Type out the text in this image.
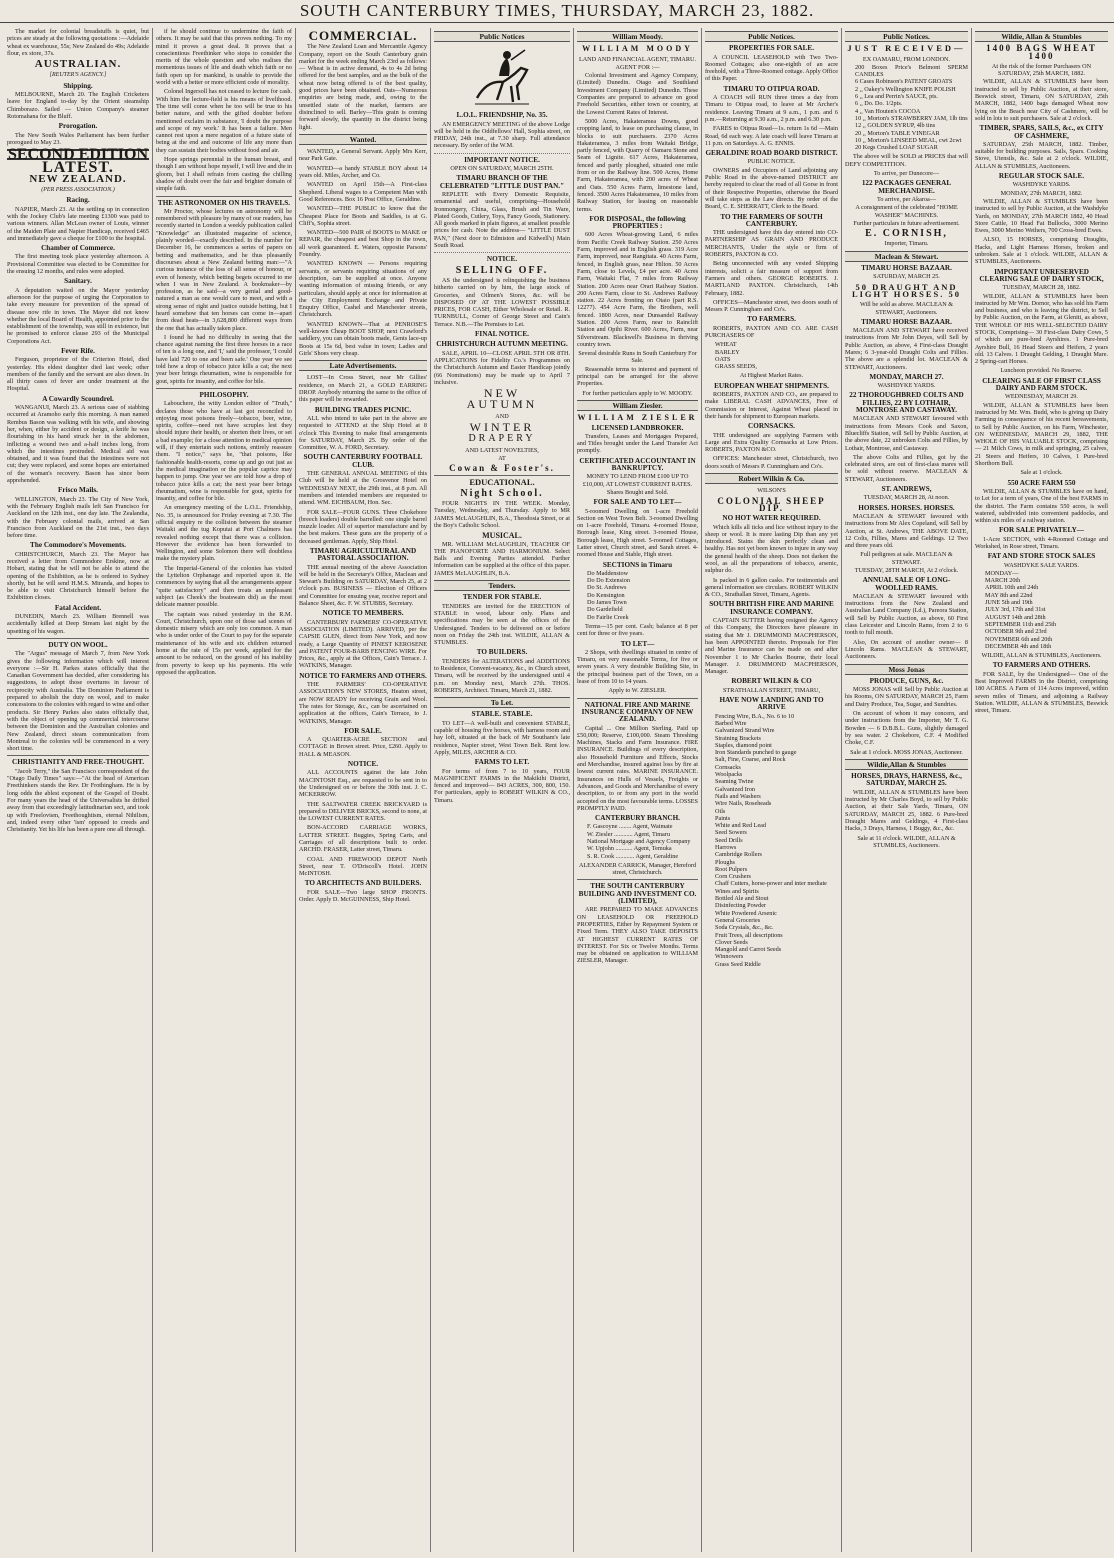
SOUTH CANTERBURY TIMES, THURSDAY, MARCH 23, 1882.

The market for colonial breadstuffs is quiet, but prices are steady at the following quotations :—Adelaide wheat ex warehouse, 55s; New Zealand do 49s; Adelaide flour, ex store, 37s.

AUSTRALIAN.
[REUTER'S AGENCY.]
Shipping.

MELBOURNE, March 20. The English Cricketers leave for England to-day by the Orient steamship Chimborazo. Sailed — Union Company's steamer Rotomahana for the Bluff.

Prorogation.

The New South Wales Parliament has been further prorogued to May 23.

SECOND EDITION
LATEST.
NEW ZEALAND.
(PER PRESS ASSOCIATION.)
Racing.

NAPIER, March 23. At the settling up in connection with the Jockey Club's late meeting £1300 was paid to various winners. Allan McLean owner of Louis, winner of the Maiden Plate and Napier Handicap, received £465 and immediately gave a cheque for £100 to the hospital.

Chamber of Commerce.

The first meeting took place yesterday afternoon. A Provisional Committee was elected to be Committee for the ensuing 12 months, and rules were adopted.

Sanitary.

A deputation waited on the Mayor yesterday afternoon for the purpose of urging the Corporation to take every measure for prevention of the spread of disease now rife in town. The Mayor did not know whether the local Board of Health, appointed prior to the establishment of the township, was still in existence, but he promised to enforce clause 293 of the Municipal Corporations Act.

Fever Rife.

Ferguson, proprietor of the Criterion Hotel, died yesterday. His eldest daughter died last week; other members of the family and the servant are also down. In all thirty cases of fever are under treatment at the Hospital.

A Cowardly Scoundrel.

WANGANUI, March 23. A serious case of stabbing occurred at Aramoho early this morning. A man named Rembus Bason was walking with his wife, and showing her, when, either by accident or design, a knife he was flourishing in his hand struck her in the abdomen, inflicting a wound two and a-half inches long, from which the intestines protruded. Medical aid was obtained, and it was found that the intestines were not cut; they were replaced, and some hopes are entertained of the woman's recovery. Bason has since been apprehended.

Frisco Mails.

WELLINGTON, March 23. The City of New York, with the February English mails left San Francisco for Auckland on the 12th inst., one day late. The Zealandia, with the February colonial mails, arrived at San Francisco from Auckland on the 21st inst., two days before time.

The Commodore's Movements.

CHRISTCHURCH, March 23. The Mayor has received a letter from Commodore Erskine, now at Hobart, stating that he will not be able to attend the opening of the Exhibition, as he is ordered to Sydney shortly, but he will send H.M.S. Miranda, and hopes to be able to visit Christchurch himself before the Exhibition closes.

Fatal Accident.

DUNEDIN, March 23. William Brennell was accidentally killed at Deep Stream last night by the upsetting of his wagon.

DUTY ON WOOL.

The "Argus" message of March 7, from New York gives the following information which will interest everyone :—Sir H. Parkes states officially that the Canadian Government has decided, after considering his suggestions, to adopt those overtures in favour of reciprocity with Australia. The Dominion Parliament is prepared to abolish the duty on wool, and to make concessions to the colonies with regard to wine and other products. Sir Henry Parkes also states officially that, with the object of opening up commercial intercourse between the Dominion and the Australian colonies and New Zealand, direct steam communication from Montreal to the colonies will be commenced in a very short time.

CHRISTIANITY AND FREE-THOUGHT.

"Jacob Terry," the San Francisco correspondent of the "Otago Daily Times" says:—"At the head of American Freethinkers stands the Rev. Dr Frothingham. He is by long odds the ablest exponent of the Gospel of Doubt. For many years the head of the Universalists he drifted away from that exceedingly latitudinarian sect, and took up with Freelovism, Freethoughtism, eternal Nihilism, and, indeed every other 'ism' opposed to creeds and Christianity. Yet his life has been a pure one all through.

if he should continue to undermine the faith of others. It may be said that this proves nothing. To my mind it proves a great deal. It proves that a conscientious Freethinker who stops to consider the merits of the whole question and who realises the momentous issues of life and death which faith or no faith open up for mankind, is unable to provide the world with a better or more efficient code of morality.

Colonel Ingersoll has not ceased to lecture for cash. With him the lecture-field is his means of livelihood. The time will come when he too will be true to his better nature, and with the gifted doubter before mentioned exclaim in substance, 'I doubt the purpose and scope of my work.' It has been a failure. Men cannot rest upon a mere negation of a future state of being at the end and outcome of life any more than they can sustain their bodies without food and air.

Hope springs perennial in the human breast, and though I am without hope myself, I will live and die in gloom, but I shall refrain from casting the chilling shadow of doubt over the fair and brighter domain of simple faith.

THE ASTRONOMER ON HIS TRAVELS.

Mr Proctor, whose lectures on astronomy will be remembered with pleasure by many of our readers, has recently started in London a weekly publication called "Knowledge" an illustrated magazine of science, plainly worded—exactly described. In the number for December 16, he commences a series of papers on betting and mathematics, and he thus pleasantly discourses about a New Zealand betting man:—"A curious instance of the loss of all sense of honour, or even of honesty, which betting begets occurred to me when I was in New Zealand. A bookmaker—by profession, as he said—a very genial and good-natured a man as one would care to meet, and with a strong sense of right and justice outside betting, but I heard somehow that ten horses can come in—apart from dead heats—in 3,628,800 different ways from the one that has actually taken place.

I found he had no difficulty in seeing that the chance against naming the first three horses in a race of ten is a long one, and 'I,' said the professor, 'I could have laid 720 to one and been safe.' One year we see told how a drop of tobacco juice kills a cat; the next year beer brings rheumatism, wine is responsible for gout, spirits for insanity, and coffee for bile.

PHILOSOPHY.

Labouchere, the witty London editor of "Truth," declares those who have at last got reconciled to enjoying most poisons freely—tobacco, beer, wine, spirits, coffee—need not have scruples lest they should injure their health, or shorten their lives, or set a bad example; for a close attention to medical opinion will, if they entertain such notions, entirely reassure them. "I notice," says he, "that poisons, like fashionable health-resorts, come up and go out just as the medical imagination or the popular caprice may happen to jump. One year we are told how a drop of tobacco juice kills a cat; the next year beer brings rheumatism, wine is responsible for gout, spirits for insanity, and coffee for bile.

An emergency meeting of the L.O.L. Friendship, No. 35, is announced for Friday evening at 7.30. The official enquiry re the collision between the steamer Waitaki and the tug Koputai at Port Chalmers has revealed nothing except that there was a collision. However the evidence has been forwarded to Wellington, and some Solomon there will doubtless make the mystery plain.

The Imperial-General of the colonies has visited the Lyttelton Orphanage and reported upon it. He commences by saying that all the arrangements appear "quite satisfactory" and then treats an unpleasant subject (as Cheek's the boatswain did) as the most delicate manner possible.

The captain was raised yesterday in the R.M. Court, Christchurch, upon one of those sad scenes of domestic misery which are only too common. A man who is under order of the Court to pay for the separate maintenance of his wife and six children returned home at the rate of 15s per week, applied for the amount to be reduced, on the ground of his inability from poverty to keep up his payments. His wife opposed the application.

COMMERCIAL.

The New Zealand Loan and Mercantile Agency Company, report on the South Canterbury grain market for the week ending March 23rd as follows:— Wheat is in active demand, 4s to 4s 2d being offered for the best samples, and as the bulk of the wheat now being offered is of the best quality, good prices have been obtained. Oats—Numerous enquiries are being made, and, owing to the unsettled state of the market, farmers are disinclined to sell. Barley—This grain is coming forward slowly, the quantity in the district being light.

Wanted.

WANTED, a General Servant. Apply Mrs Kerr, near Park Gate.

WANTED—a handy STABLE BOY about 14 years old. Miles, Archer, and Co.

WANTED on April 15th—A First-class Shepherd. Liberal wages to a Competent Man with Good References. Box 16 Post Office, Geraldine.

WANTED—THE PUBLIC to know that the Cheapest Place for Boots and Saddles, is at G. Cliff's, Sophia street.

WANTED—500 PAIR of BOOTS to MAKE or REPAIR, the cheapest and best Shop in the town, all work guaranteed. E. Waters, opposite Parsons' Foundry.

WANTED KNOWN — Persons requiring servants, or servants requiring situations of any description, can be supplied at once. Anyone wanting information of missing friends, or any particulars, should apply at once for information at the City Employment Exchange and Private Enquiry Office, Cashel and Manchester streets, Christchurch.

WANTED KNOWN—That at PENROSE'S well-known Cheap BOOT SHOP, next Crawford's saddlery, you can obtain boots made, Gents lace-up Boots at 15s 6d, best value in town; Ladies and Girls' Shoes very cheap.

Late Advertisements.

LOST—In Cross Street, near Mr Gillies' residence, on March 21, a GOLD EARRING DROP. Anybody returning the same to the office of this paper will be rewarded.

BUILDING TRADES PICNIC.

ALL who intend to take part in the above are requested to ATTEND at the Ship Hotel at 8 o'clock This Evening to make final arrangements for SATURDAY, March 25. By order of the Committee, W. A. FORD, Secretary.

SOUTH CANTERBURY FOOTBALL CLUB.

THE GENERAL ANNUAL MEETING of this Club will be held at the Grosvenor Hotel on WEDNESDAY NEXT, the 29th inst., at 8 p.m. All members and intended members are requested to attend. WM. EICHBAUM, Hon. Sec.

FOR SALE—FOUR GUNS. Three Chokebore (breech loaders) double barrelled: one single barrel muzzle loader. All of superior manufacture and by the best makers. These guns are the property of a deceased gentleman. Apply, Ship Hotel.

TIMARU AGRICULTURAL AND PASTORAL ASSOCIATION.

THE annual meeting of the above Association will be held in the Secretary's Office, Maclean and Stewart's Building on SATURDAY, March 25, at 2 o'clock p.m. BUSINESS — Election of Officers and Committee for ensuing year, receive report and Balance Sheet, &c. F. W. STUBBS, Secretary.

NOTICE TO MEMBERS.

CANTERBURY FARMERS' CO-OPERATIVE ASSOCIATION (LIMITED). ARRIVED, per the CAPSIE GLEN, direct from New York, and now ready, a Large Quantity of PINEST KEROSENE and PATENT FOUR-BARB FENCING WIRE. For Prices, &c., apply at the Offices, Cain's Terrace. J. WATKINS, Manager.

NOTICE TO FARMERS AND OTHERS.

THE FARMERS' CO-OPERATIVE ASSOCIATION'S NEW STORES, Heaton street, are NOW READY for receiving Grain and Wool. The rates for Storage, &c., can be ascertained on application at the offices, Cain's Terrace, to J. WATKINS, Manager.

FOR SALE.

A QUARTER-ACRE SECTION and COTTAGE in Brown street. Price, £260. Apply to HALL & MEASON.

NOTICE.

ALL ACCOUNTS against the late John MACINTOSH Esq., are requested to be sent in to the Undersigned on or before the 30th inst. J. C. MCKERROW.

THE SALTWATER CREEK BRICKYARD is prepared to DELIVER BRICKS, second to none, at the LOWEST CURRENT RATES.

BON-ACCORD CARRIAGE WORKS, LATTER STREET. Buggies, Spring Carts, and Carriages of all descriptions built to order. ARCHD. FRASER, Latter street, Timaru.

COAL AND FIREWOOD DEPOT North Street, near T. O'Driscoll's Hotel. JOHN McINTOSH.

TO ARCHITECTS AND BUILDERS.

FOR SALE—Two large SHOP FRONTS. Order. Apply D. McGUINNESS, Ship Hotel.

Public Notices
L.O.L. FRIENDSHIP, No. 35.

AN EMERGENCY MEETING of the above Lodge will be held in the Oddfellows' Hall, Sophia street, on FRIDAY, 24th inst., at 7.30 sharp. Full attendance necessary. By order of the W.M.

IMPORTANT NOTICE.
OPEN ON SATURDAY, MARCH 25TH.
TIMARU BRANCH OF THE CELEBRATED "LITTLE DUST PAN."

REPLETE with Every Domestic Requisite, ornamental and useful, comprising—Household Ironmongery, China, Glass, Brush and Tin Ware, Plated Goods, Cutlery, Toys, Fancy Goods, Stationery. All goods marked in plain figures, at smallest possible prices for cash. Note the address— "LITTLE DUST PAN," (Next door to Edmiston and Kidwell's) Main South Road.

NOTICE.
SELLING OFF.

AS the undersigned is relinquishing the business hitherto carried on by him, the large stock of Groceries, and Oilmen's Stores, &c. will be DISPOSED OF AT THE LOWEST POSSIBLE PRICES, FOR CASH, Either Wholesale or Retail. R. TURNBULL, Corner of George Street and Cain's Terrace. N.B.—The Premises to Let.

FINAL NOTICE.
CHRISTCHURCH AUTUMN MEETING.

SALE, APRIL 10—CLOSE APRIL 5TH OR 8TH. APPLICATIONS for Fidelity Co.'s Programmes on the Christchurch Autumn and Easter Handicap jointly (66 Nominations) may be made up to April 7 inclusive.

NEW
AUTUMN
AND
WINTER
DRAPERY
AND LATEST NOVELTIES,
AT
Cowan & Foster's.
EDUCATIONAL.
Night School.

FOUR NIGHTS IN THE WEEK. Monday, Tuesday, Wednesday, and Thursday. Apply to MR JAMES McLAUGHLIN, B.A., Theodosia Street, or at the Boy's Catholic School.

MUSICAL.

MR. WILLIAM McLAUGHLIN, TEACHER OF THE PIANOFORTE AND HARMONIUM. Select Balls and Evening Parties attended. Further information can be supplied at the office of this paper. JAMES McLAUGHLIN, B.A.

Tenders.
TENDER FOR STABLE.

TENDERS are invited for the ERECTION of STABLE in wood, labour only. Plans and specifications may be seen at the offices of the Undersigned. Tenders to be delivered on or before noon on Friday the 24th inst. WILDIE, ALLAN & STUMBLES.

TO BUILDERS.

TENDERS for ALTERATIONS and ADDITIONS to Residence, Convent-vacancy, &c., in Church street, Timaru, will be received by the undersigned until 4 p.m. on Monday next, March 27th. THOS. ROBERTS, Architect. Timaru, March 21, 1882.

To Let.
STABLE. STABLE.

TO LET—A well-built and convenient STABLE, capable of housing five horses, with harness room and hay loft, situated at the back of Mr Southam's late residence, Napier street, West Town Belt. Rent low. Apply, MILES, ARCHER & CO.

FARMS TO LET.

For terms of from 7 to 10 years, FOUR MAGNIFICENT FARMS in the Makikihi District, fenced and improved— 843 ACRES, 300, 800, 150. For particulars, apply to ROBERT WILKIN & CO., Timaru.

William Moody.
WILLIAM MOODY
LAND AND FINANCIAL AGENT, TIMARU.
AGENT FOR :—

Colonial Investment and Agency Company, (Limited) Dunedin. Otago and Southland Investment Company (Limited) Dunedin. These Companies are prepared to advance on good Freehold Securities, either town or country, at the Lowest Current Rates of Interest.

5000 Acres, Hakateramea Downs, good cropping land, to lease on purchasing clause, in blocks to suit purchasers. 2370 Acres Hakateramea, 3 miles from Waitaki Bridge, partly fenced, with Quarry of Oamaru Stone and Seam of Lignite. 617 Acres, Hakateramea, fenced and partly ploughed, situated one mile from or on the Railway line. 500 Acres, Home Farm, Hakateramea, with 200 acres of Wheat and Oats. 550 Acres Farm, limestone land, fenced. 3500 Acres Hakateramea, 10 miles from Railway Station, for leasing on reasonable terms.

FOR DISPOSAL, the following PROPERTIES :

600 Acres Wheat-growing Land, 6 miles from Pacific Creek Railway Station. 250 Acres Farm, improved and in English grass. 319 Acre Farm, improved, near Rangitata. 40 Acres Farm, fenced, in English grass, near Hilton. 50 Acres Farm, close to Levels, £4 per acre. 40 Acres Farm, Waitaki Flat, 7 miles from Railway Station. 200 Acres near Orari Railway Station. 200 Acres Farm, close to St. Andrews Railway station. 22 Acres fronting on Otaio (part R.S. 12277). 454 Acre Farm, the Brothers, well fenced. 1800 Acres, near Dunsandel Railway Station. 200 Acres Farm, near to Rainclift Station and Opihi River. 600 Acres, Farm, near Silverstream. Blackwell's Business in thriving country town.

Several desirable Runs in South Canterbury For Sale.

Reasonable terms to interest and payment of principal can be arranged for the above Properties.

For further particulars apply to W. MOODY.
William Ziesler.
WILLIAM ZIESLER
LICENSED LANDBROKER.

Transfers, Leases and Mortgages Prepared, and Titles brought under the Land Transfer Act promptly.

CERTIFICATED ACCOUNTANT IN BANKRUPTCY.
MONEY TO LEND FROM £100 UP TO £10,000, AT LOWEST CURRENT RATES.
Shares Bought and Sold.
FOR SALE AND TO LET—

5-roomed Dwelling on 1-acre Freehold Section on West Town Belt. 3-roomed Dwelling on 1-acre Freehold, Timaru. 4-roomed House, Borough lease, King street. 3-roomed House, Borough lease, High street. 5-roomed Cottages, Latter street, Church street, and Sarah street. 4-roomed House and Stable, High street.

SECTIONS in Timaru
Do Maddenstow
Do Do Extension
Do St. Andrews
Do Kensington
Do James Town
Do Gardefield
Do Fairlie Creek

Terms—15 per cent. Cash; balance at 8 per cent for three or five years.

TO LET—

2 Shops, with dwellings situated in centre of Timaru, on very reasonable Terms, for five or seven years. A very desirable Building Site, in the principal business part of the Town, on a lease of from 10 to 14 years.

Apply to W. ZIESLER.
NATIONAL FIRE AND MARINE INSURANCE COMPANY OF NEW ZEALAND.

Capital ... One Million Sterling. Paid up £50,000; Reserve, £100,000. Steam Threshing Machines, Stacks and Farm Insurance. FIRE INSURANCE. Buildings of every description, also Household Furniture and Effects, Stocks and Merchandise, insured against loss by fire at lowest current rates. MARINE INSURANCE. Insurances on Hulls of Vessels, Freights or Advances, and Goods and Merchandise of every description, to or from any port in the world accepted on the most favourable terms. LOSSES PROMPTLY PAID.

CANTERBURY BRANCH.
F. Gascoyne ........ Agent, Waimate
W. Ziesler ............ Agent, Timaru
National Mortgage and Agency Company
W. Upjohn ........... Agent, Temuka
S. R. Cook ............ Agent, Geraldine
ALEXANDER CARRICK, Manager, Hereford street, Christchurch.
THE SOUTH CANTERBURY BUILDING AND INVESTMENT CO. (LIMITED),

ARE PREPARED TO MAKE ADVANCES ON LEASEHOLD OR FREEHOLD PROPERTIES, Either by Repayment System or Fixed Term. THEY ALSO TAKE DEPOSITS AT HIGHEST CURRENT RATES OF INTEREST. For Six or Twelve Months. Terms may be obtained on application to WILLIAM ZIESLER, Manager.

Public Notices.
PROPERTIES FOR SALE.

A COUNCIL LEASEHOLD with Two Two-Roomed Cottages; also one-eighth of an acre freehold, with a Three-Roomed cottage. Apply Office of this Paper.

TIMARU TO OTIPUA ROAD.

A COACH will RUN three times a day from Timaru to Otipua road, to leave at Mr Archer's residence. Leaving Timaru at 9 a.m., 1 p.m. and 6 p.m.—Returning at 9.30 a.m., 2 p.m. and 6.30 p.m.

FARES to Otipua Road—1s. return 1s 6d —Main Road, 6d each way. A late coach will leave Timaru at 11 p.m. on Saturdays. A. G. ENNIS.

GERALDINE ROAD BOARD DISTRICT.
PUBLIC NOTICE.

OWNERS and Occupiers of Land adjoining any Public Road in the above-named DISTRICT are hereby required to clear the road of all Gorse in front of their Respective Properties, otherwise the Board will take steps as the Law directs. By order of the Board, C. E. SHERRATT, Clerk to the Board.

TO THE FARMERS OF SOUTH CANTERBURY.

THE undersigned have this day entered into CO-PARTNERSHIP AS GRAIN AND PRODUCE MERCHANTS, Under the style or firm of ROBERTS, PAXTON & CO.

Being unconnected with any vested Shipping interests, solicit a fair measure of support from Farmers and others. GEORGE ROBERTS. J. MARTLAND PAXTON. Christchurch, 14th February, 1882.

OFFICES—Manchester street, two doors south of Messrs P. Cunningham and Co's.

TO FARMERS.

ROBERTS, PAXTON AND CO. ARE CASH PURCHASERS OF

WHEAT
BARLEY
OATS
GRASS SEEDS,
At Highest Market Rates.
EUROPEAN WHEAT SHIPMENTS.

ROBERTS, PAXTON AND CO., are prepared to make LIBERAL CASH ADVANCES, Free of Commission or Interest, Against Wheat placed in their hands for shipment to European markets.

CORNSACKS.

THE undersigned are supplying Farmers with Large and Extra Quality Cornsacks at Low Prices. ROBERTS, PAXTON &CO.

OFFICES: Manchester street, Christchurch, two doors south of Messrs P. Cunningham and Co's.

Robert Wilkin & Co.
WILSON'S
COLONIAL SHEEP DIP.
NO HOT WATER REQUIRED.

Which kills all ticks and lice without injury to the sheep or wool. It is more lasting Dip than any yet introduced. Stains the skin perfectly clean and healthy. Has not yet been known to injure in any way the general health of the sheep. Does not darken the wool, as all the preparations of tobacco, arsenic, sulphur do.

Is packed in 6 gallon casks. For testimonials and general information see circulars. ROBERT WILKIN & CO., Strathallan Street, Timaru, Agents.

SOUTH BRITISH FIRE AND MARINE INSURANCE COMPANY.

CAPTAIN SUTTER having resigned the Agency of this Company, the Directors have pleasure in stating that Mr J. DRUMMOND MACPHERSON, has been APPOINTED thereto. Proposals for Fire and Marine Insurance can be made on and after November 1 to Mr Charles Bourne, their local Manager. J. DRUMMOND MACPHERSON, Manager.

ROBERT WILKIN & CO
STRATHALLAN STREET, TIMARU,
HAVE NOW LANDING AND TO ARRIVE
Fencing Wire, B.A., No. 6 to 10
Barbed Wire
Galvanized Strand Wire
Straining Brackets
Staples, diamond point
Iron Standards punched to gauge
Salt, Fine, Coarse, and Rock
Cornsacks
Woolpacks
Seaming Twine
Galvanized Iron
Nails and Washers
Wire Nails, Roseheads
Oils
Paints
White and Red Lead
Seed Sowers
Seed Drills
Harrows
Cambridge Rollers
Ploughs
Root Pulpers
Corn Crushers
Chaff Cutters, horse-power and inter mediate
Wines and Spirits
Bottled Ale and Stout
Disinfecting Powder
White Powdered Arsenic
General Groceries
Soda Crystals, &c., &c.
Fruit Trees, all descriptions
Clover Seeds
Mangold and Carrot Seeds
Winnowers
Grass Seed Riddle
Public Notices.
JUST RECEIVED—
EX OAMARU, FROM LONDON.
200 Boxes Price's Belmont SPERM CANDLES
6 Cases Robinson's PATENT GROATS
2 ,, Oakey's Wellington KNIFE POLISH
6 ,, Lea and Perrin's SAUCE, pts.
6 ,, Do. Do. 1/2pts.
4 ,, Van Houten's COCOA
10 ,, Morton's STRAWBERRY JAM, 1lb tins
12 ,, GOLDEN SYRUP, 4lb tins
20 ,, Morton's TABLE VINEGAR
10 ,, Morton's LINSEED MEAL, cwt 2cwt
20 Kegs Crushed LOAF SUGAR

The above will be SOLD at PRICES that will DEFY COMPETITION.

To arrive, per Dunecore—
122 PACKAGES GENERAL MERCHANDISE.
To arrive, per Akaroa—
A consignment of the celebrated "HOME WASHER" MACHINES.
Further particulars in future advertisement.
E. CORNISH,
Importer, Timaru.
Maclean & Stewart.
TIMARU HORSE BAZAAR.
SATURDAY, MARCH 25.
50 DRAUGHT AND LIGHT HORSES. 50
Will be sold as above. MACLEAN & STEWART, Auctioneers.
TIMARU HORSE BAZAAR.

MACLEAN AND STEWART have received instructions from Mr John Deyes, will Sell by Public Auction, as above, 4 First-class Draught Mares; 6 3-year-old Draught Colts and Fillies. The above are a splendid lot. MACLEAN & STEWART, Auctioneers.

MONDAY, MARCH 27.
WASHDYKE YARDS.
22 THOROUGHBRED COLTS AND FILLIES, 22 BY LOTHAIR, MONTROSE AND CASTAWAY.

MACLEAN AND STEWART favoured with instructions from Messrs Cook and Saxon, Bluecliffs Station, will Sell by Public Auction, at the above date, 22 unbroken Colts and Fillies, by Lothair, Montrose, and Castaway.

The above Colts and Fillies, got by the celebrated sires, are out of first-class mares will be sold without reserve. MACLEAN & STEWART, Auctioneers.

ST. ANDREWS,
TUESDAY, MARCH 28, At noon.
HORSES. HORSES. HORSES.

MACLEAN & STEWART favoured with instructions from Mr Alex Copeland, will Sell by Auction, at St. Andrews, THE ABOVE DATE, 12 Colts, Fillies, Mares and Geldings. 12 Two and three years old.

Full pedigrees at sale. MACLEAN & STEWART.
TUESDAY, 28TH MARCH, At 2 o'clock.
ANNUAL SALE OF LONG-WOOLLED RAMS.

MACLEAN & STEWART favoured with instructions from the New Zealand and Australian Land Company (Ld.), Pareora Station, will Sell by Public Auction, as above, 60 First class Leicester and Lincoln Rams, from 2 to 6 tooth to full mouth.

Also, On account of another owner— 8 Lincoln Rams. MACLEAN & STEWART, Auctioneers.

Moss Jonas
PRODUCE, GUNS, &c.

MOSS JONAS will Sell by Public Auction at his Rooms, ON SATURDAY, MARCH 25, Farm and Dairy Produce, Tea, Sugar, and Sundries.

On account of whom it may concern, and under instructions from the Importer, Mr T. G. Bowden — 6 D.B.B.L. Guns, slightly damaged by sea water. 2 Chokebore, C.F. 4 Modified Choke, C.F.

Sale at 1 o'clock. MOSS JONAS, Auctioneer.
Wildie,Allan & Stumbles
HORSES, DRAYS, HARNESS, &c., SATURDAY, MARCH 25.

WILDIE, ALLAN & STUMBLES have been instructed by Mr Charles Boyd, to sell by Public Auction, at their Sale Yards, Timaru, ON SATURDAY, MARCH 25, 1882. 6 Pure-bred Draught Mares and Geldings, 4 First-class Hacks, 3 Drays, Harness, 1 Buggy, &c., &c.

Sale at 11 o'clock. WILDIE, ALLAN & STUMBLES, Auctioneers.
Wildie, Allan & Stumbles
1400 BAGS WHEAT 1400
At the risk of the former Purchasers ON SATURDAY, 25th MARCH, 1882.

WILDIE, ALLAN & STUMBLES have been instructed to sell by Public Auction, at their store, Beswick street, Timaru, ON SATURDAY, 25th MARCH, 1882, 1400 bags damaged Wheat now lying on the Beach near City of Cashmere, will be sold in lots to suit purchasers. Sale at 2 o'clock.

TIMBER, SPARS, SAILS, &c., ex CITY OF CASHMERE,

SATURDAY, 25th MARCH, 1882. Timber, suitable for building purposes. Sails, Spars. Cooking Stove, Utensils, &c. Sale at 2 o'clock. WILDIE, ALLAN & STUMBLES, Auctioneers.

REGULAR STOCK SALE.
WASHDYKE YARDS.
MONDAY, 27th MARCH, 1882.

WILDIE, ALLAN & STUMBLES have been instructed to sell by Public Auction, at the Washdyke Yards, on MONDAY, 27th MARCH 1882, 40 Head Store Cattle, 10 Head Fat Bullocks, 3000 Merino Ewes, 3000 Merino Wethers, 700 Cross-bred Ewes.

ALSO, 15 HORSES, comprising Draughts, Hacks, and Light Harness Horses, broken and unbroken. Sale at 1 o'clock. WILDIE, ALLAN & STUMBLES, Auctioneers.

IMPORTANT UNRESERVED CLEARING SALE OF DAIRY STOCK,
TUESDAY, MARCH 28, 1882.

WILDIE, ALLAN & STUMBLES have been instructed by Mr Wm. Dornor, who has sold his Farm and business, and who is leaving the district, to Sell by Public Auction, on the Farm, at Gleniti, as above, THE WHOLE OF HIS WELL-SELECTED DAIRY STOCK, Comprising— 30 First-class Dairy Cows, 5 of which are pure-bred Ayrshires. 1 Pure-bred Ayrshire Bull, 16 Head Steers and Heifers, 2 years old. 13 Calves. 1 Draught Gelding, 1 Draught Mare. 2 Spring-cart Horses.

Luncheon provided. No Reserve.
CLEARING SALE OF FIRST CLASS DAIRY AND FARM STOCK.
WEDNESDAY, MARCH 29.

WILDIE, ALLAN & STUMBLES have been instructed by Mr. Wm. Budd, who is giving up Dairy Farming in consequence of his recent bereavements, to Sell by Public Auction, on his Farm, Winchester, ON WEDNESDAY, MARCH 29, 1882, THE WHOLE OF HIS VALUABLE STOCK, comprising— 21 Milch Cows, in milk and springing, 25 calves, 21 Steers and Heifers, 10 Calves, 1 Pure-bred Shorthorn Bull.

Sale at 1 o'clock.
550 ACRE FARM 550

WILDIE, ALLAN & STUMBLES have on hand, to Let for a term of years, One of the best FARMS in the district. The Farm contains 550 acres, is well watered, subdivided into convenient paddocks, and within six miles of a railway station.

FOR SALE PRIVATELY—

1-Acre SECTION, with 4-Roomed Cottage and Workshed, in Rose street, Timaru.

FAT AND STORE STOCK SALES
WASHDYKE SALE YARDS.
MONDAY—
MARCH 20th
APRIL 10th and 24th
MAY 8th and 22nd
JUNE 5th and 19th
JULY 3rd, 17th and 31st
AUGUST 14th and 28th
SEPTEMBER 11th and 25th
OCTOBER 9th and 23rd
NOVEMBER 6th and 20th
DECEMBER 4th and 18th
WILDIE, ALLAN & STUMBLES, Auctioneers.
TO FARMERS AND OTHERS.

FOR SALE, by the Undersigned— One of the Best Improved FARMS in the District, comprising 180 ACRES. A Farm of 114 Acres improved, within seven miles of Timaru, and adjoining a Railway Station. WILDIE, ALLAN & STUMBLES, Beswick street, Timaru.
